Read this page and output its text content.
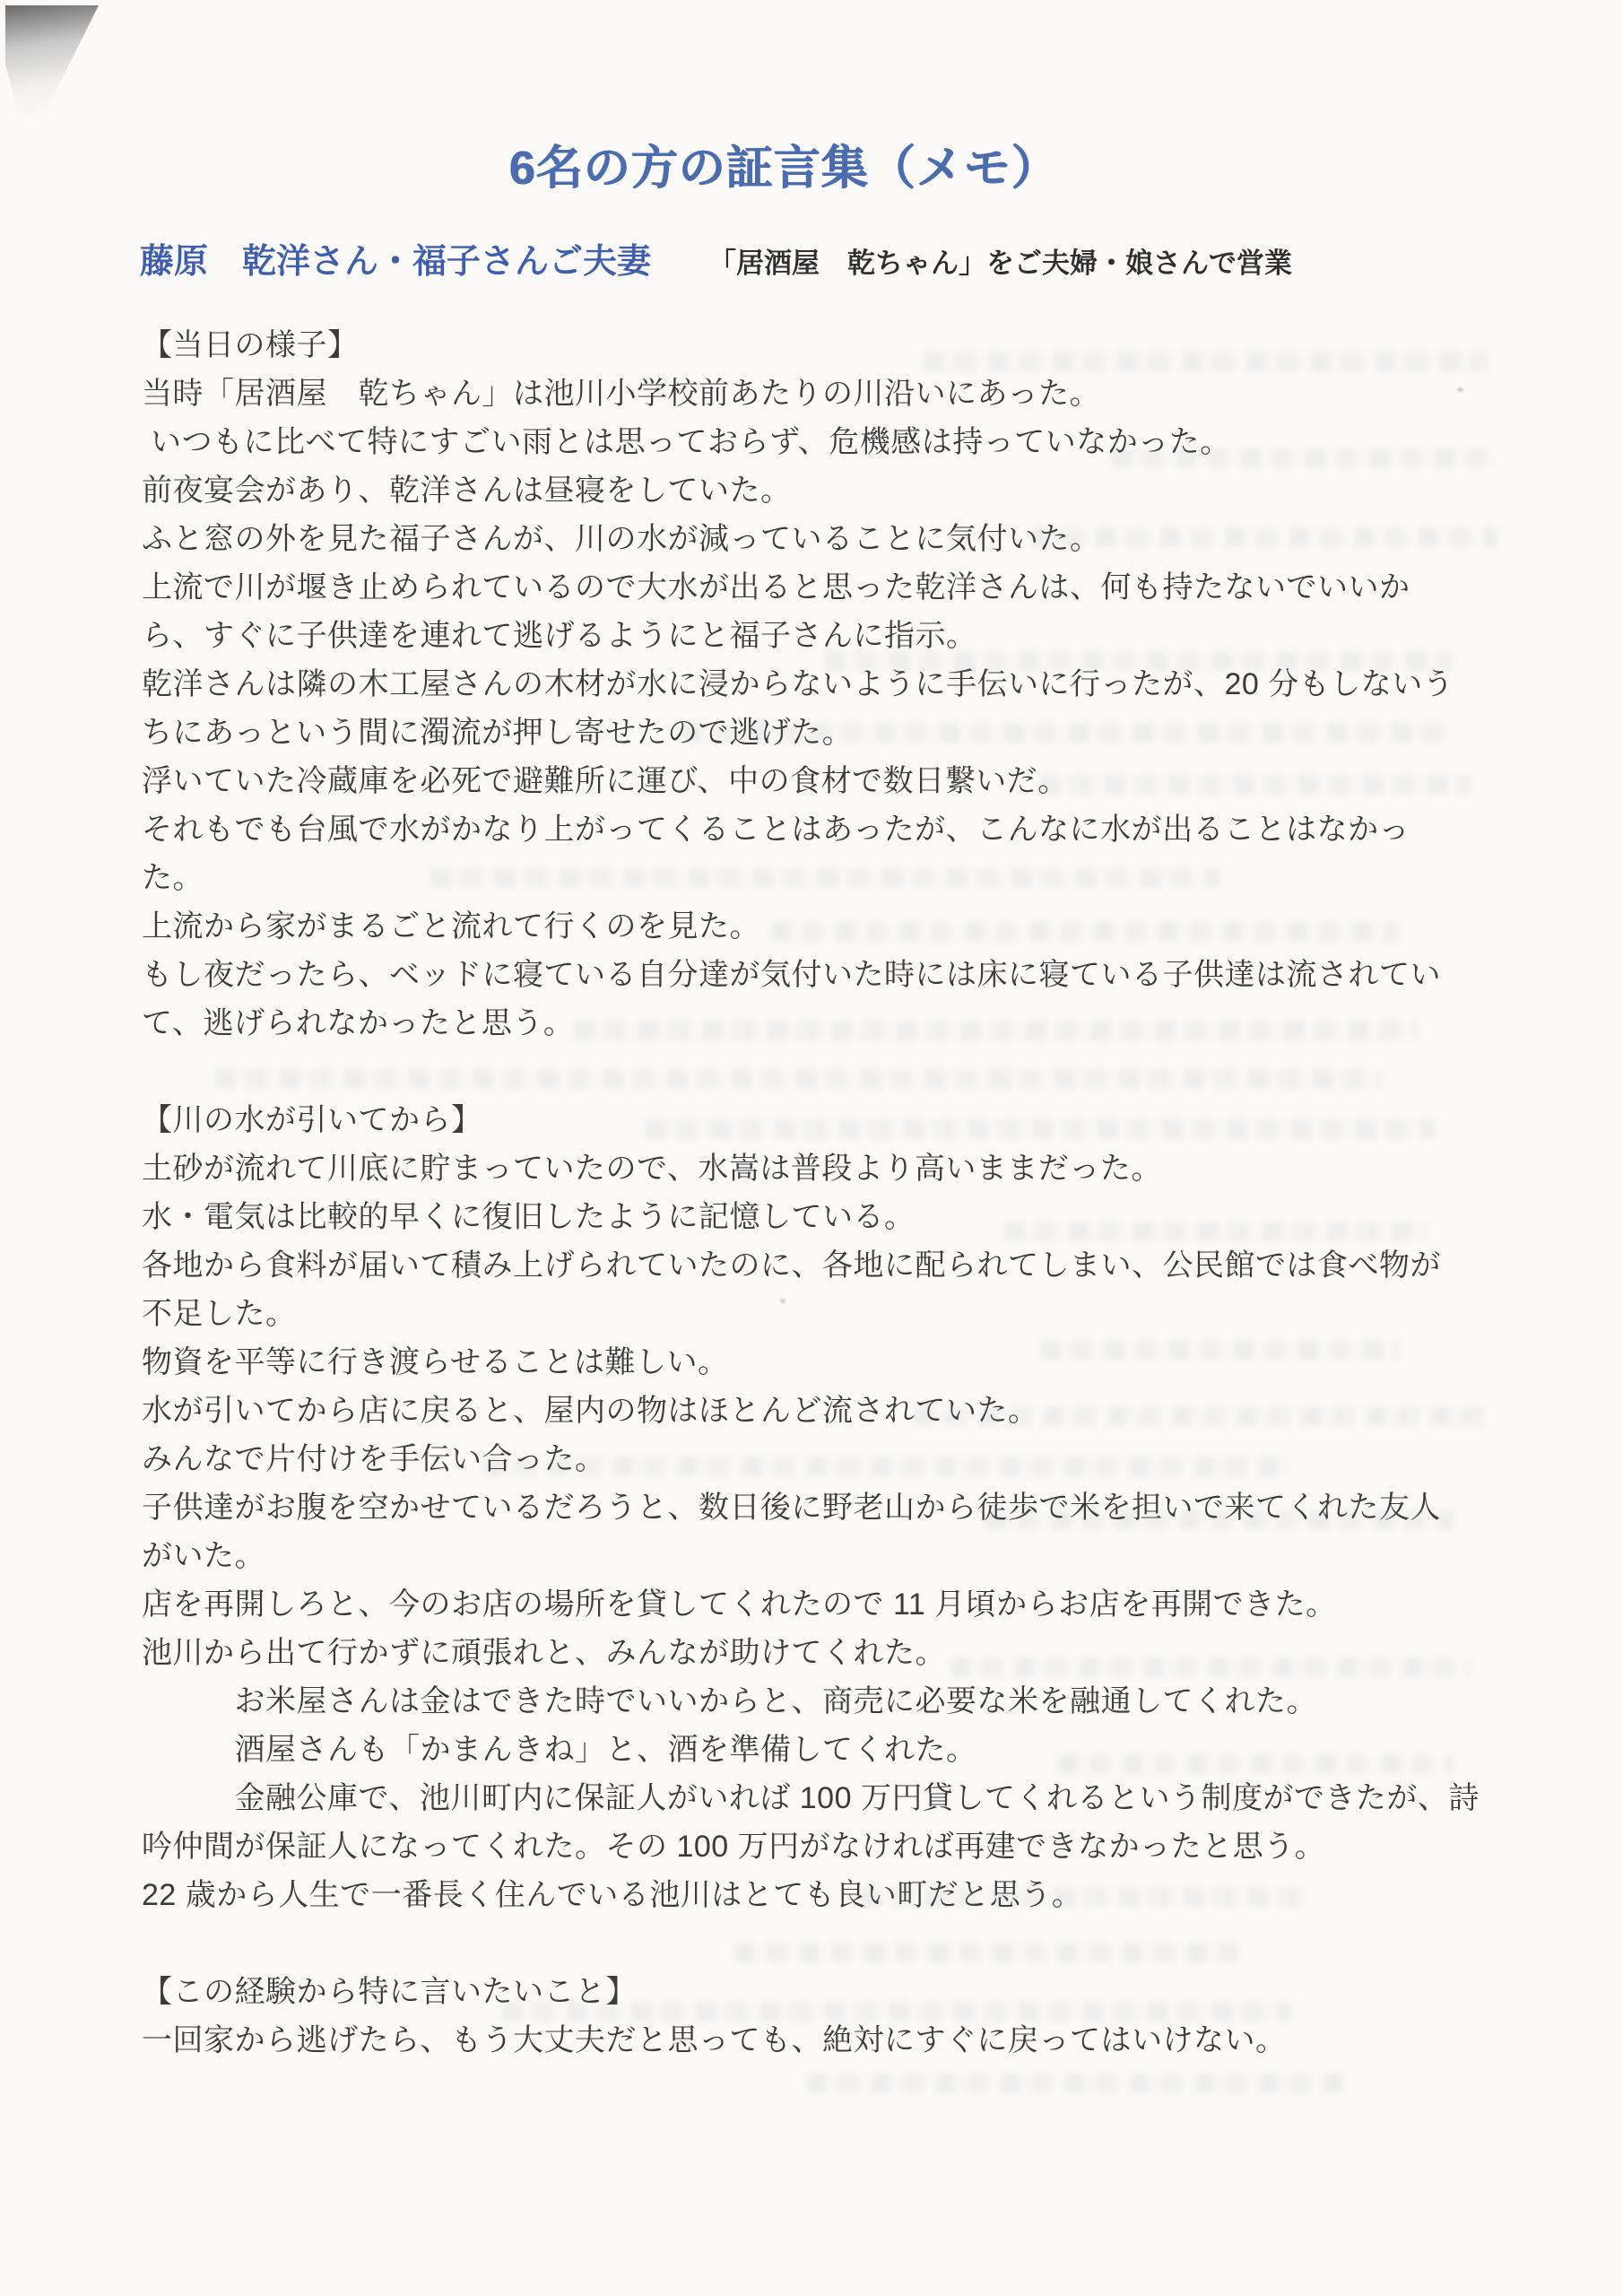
6名の方の証言集（メモ）
藤原　乾洋さん・福子さんご夫妻 「居酒屋　乾ちゃん」をご夫婦・娘さんで営業
【当日の様子】
当時「居酒屋　乾ちゃん」は池川小学校前あたりの川沿いにあった。
いつもに比べて特にすごい雨とは思っておらず、危機感は持っていなかった。
前夜宴会があり、乾洋さんは昼寝をしていた。
ふと窓の外を見た福子さんが、川の水が減っていることに気付いた。
上流で川が堰き止められているので大水が出ると思った乾洋さんは、何も持たないでいいか
ら、すぐに子供達を連れて逃げるようにと福子さんに指示。
乾洋さんは隣の木工屋さんの木材が水に浸からないように手伝いに行ったが、20 分もしないう
ちにあっという間に濁流が押し寄せたので逃げた。
浮いていた冷蔵庫を必死で避難所に運び、中の食材で数日繋いだ。
それもでも台風で水がかなり上がってくることはあったが、こんなに水が出ることはなかっ
た。
上流から家がまるごと流れて行くのを見た。
もし夜だったら、ベッドに寝ている自分達が気付いた時には床に寝ている子供達は流されてい
て、逃げられなかったと思う。
【川の水が引いてから】
土砂が流れて川底に貯まっていたので、水嵩は普段より高いままだった。
水・電気は比較的早くに復旧したように記憶している。
各地から食料が届いて積み上げられていたのに、各地に配られてしまい、公民館では食べ物が
不足した。
物資を平等に行き渡らせることは難しい。
水が引いてから店に戻ると、屋内の物はほとんど流されていた。
みんなで片付けを手伝い合った。
子供達がお腹を空かせているだろうと、数日後に野老山から徒歩で米を担いで来てくれた友人
がいた。
店を再開しろと、今のお店の場所を貸してくれたので 11 月頃からお店を再開できた。
池川から出て行かずに頑張れと、みんなが助けてくれた。
　　　お米屋さんは金はできた時でいいからと、商売に必要な米を融通してくれた。
　　　酒屋さんも「かまんきね」と、酒を準備してくれた。
　　　金融公庫で、池川町内に保証人がいれば 100 万円貸してくれるという制度ができたが、詩
吟仲間が保証人になってくれた。その 100 万円がなければ再建できなかったと思う。
22 歳から人生で一番長く住んでいる池川はとても良い町だと思う。
【この経験から特に言いたいこと】
一回家から逃げたら、もう大丈夫だと思っても、絶対にすぐに戻ってはいけない。
